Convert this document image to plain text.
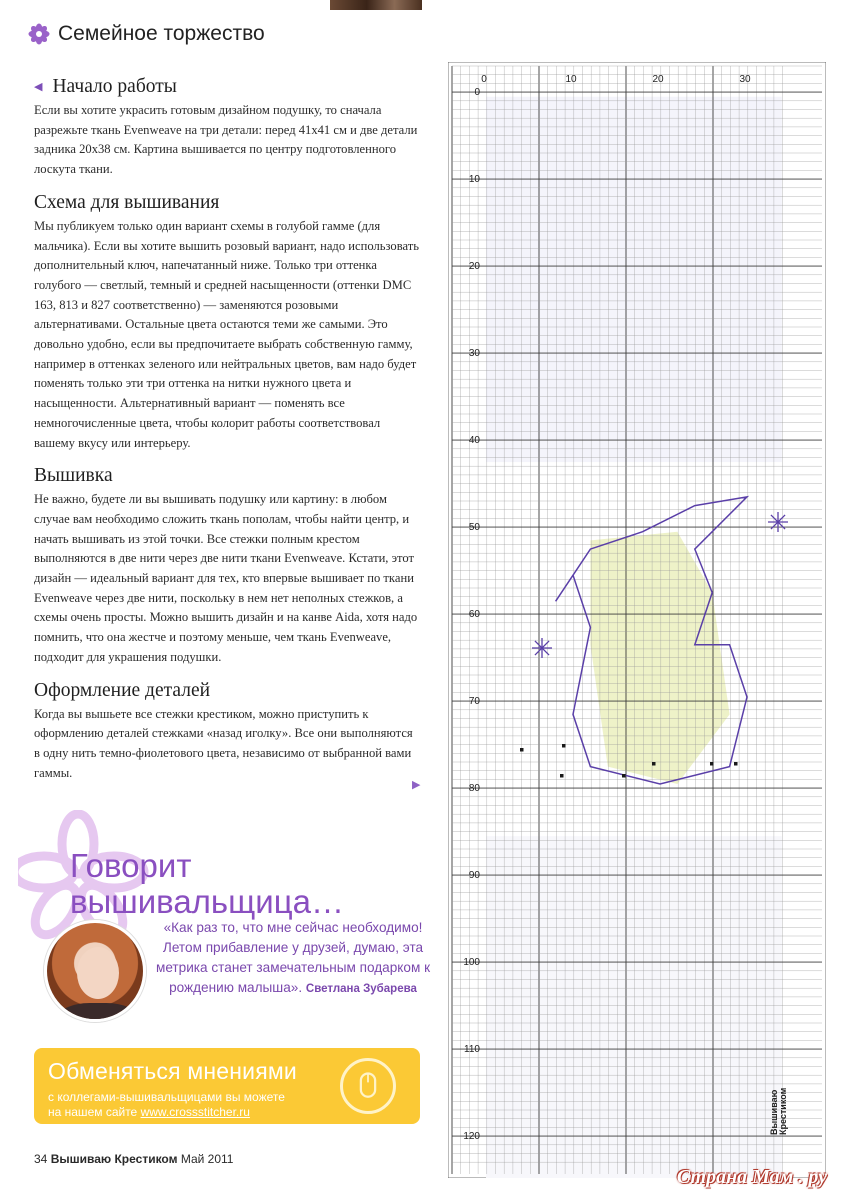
Семейное торжество
◀ Начало работы

Если вы хотите украсить готовым дизайном подушку, то сначала разрежьте ткань Evenweave на три детали: перед 41х41 см и две детали задника 20х38 см. Картина вышивается по центру подготовленного лоскута ткани.

Схема для вышивания

Мы публикуем только один вариант схемы в голубой гамме (для мальчика). Если вы хотите вышить розовый вариант, надо использовать дополнительный ключ, напечатанный ниже. Только три оттенка голубого — светлый, темный и средней насыщенности (оттенки DMC 163, 813 и 827 соответственно) — заменяются розовыми альтернативами. Остальные цвета остаются теми же самыми. Это довольно удобно, если вы предпочитаете выбрать собственную гамму, например в оттенках зеленого или нейтральных цветов, вам надо будет поменять только эти три оттенка на нитки нужного цвета и насыщенности. Альтернативный вариант — поменять все немногочисленные цвета, чтобы колорит работы соответствовал вашему вкусу или интерьеру.

Вышивка

Не важно, будете ли вы вышивать подушку или картину: в любом случае вам необходимо сложить ткань пополам, чтобы найти центр, и начать вышивать из этой точки. Все стежки полным крестом выполняются в две нити через две нити ткани Evenweave. Кстати, этот дизайн — идеальный вариант для тех, кто впервые вышивает по ткани Evenweave через две нити, поскольку в нем нет неполных стежков, а схемы очень просты. Можно вышить дизайн и на канве Aida, хотя надо помнить, что она жестче и поэтому меньше, чем ткань Evenweave, подходит для украшения подушки.

Оформление деталей

Когда вы вышьете все стежки крестиком, можно приступить к оформлению деталей стежками «назад иголку». Все они выполняются в одну нить темно-фиолетового цвета, независимо от выбранной вами гаммы.

▶
Говорит
вышивальщица…
«Как раз то, что мне сейчас необходимо! Летом прибавление у друзей, думаю, эта метрика станет замечательным подарком к рождению малыша». Светлана Зубарева
Обменяться мнениями
с коллегами-вышивальщицами вы можете
на нашем сайте www.crossstitcher.ru
34 Вышиваю Крестиком Май 2011
0	10	20	30
0
10
20
30
40
50
60
70
80
90
100
110
120
Вышиваю Крестиком
Страна Мам . ру
